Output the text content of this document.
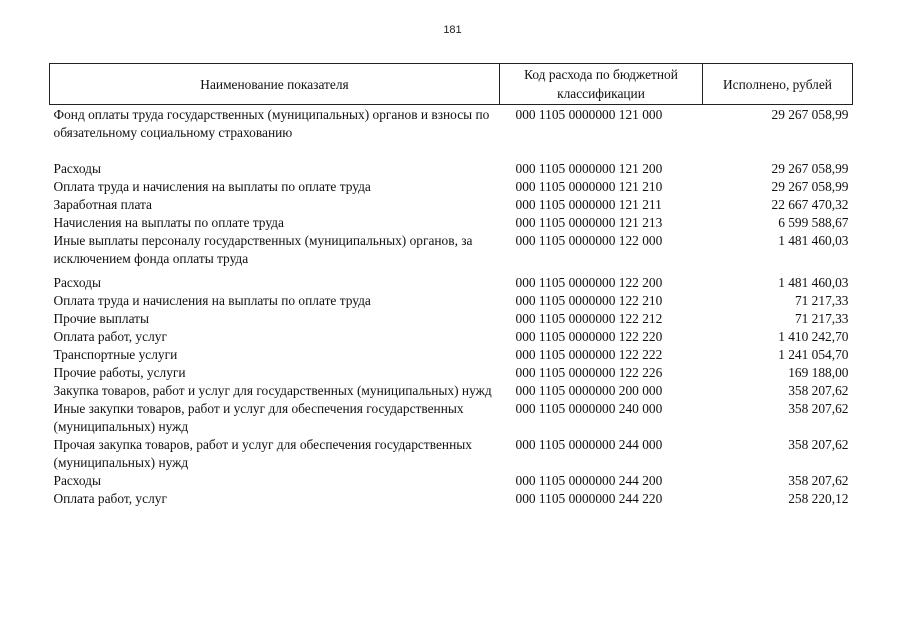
181
Наименование показателя	Код расхода по бюджетной классификации	Исполнено, рублей
Фонд оплаты труда государственных (муниципальных) органов и взносы по обязательному социальному страхованию	000 1105 0000000 121 000	29 267 058,99
Расходы	000 1105 0000000 121 200	29 267 058,99
Оплата труда и начисления на выплаты по оплате труда	000 1105 0000000 121 210	29 267 058,99
Заработная плата	000 1105 0000000 121 211	22 667 470,32
Начисления на выплаты по оплате труда	000 1105 0000000 121 213	6 599 588,67
Иные выплаты персоналу государственных (муниципальных) органов, за исключением фонда оплаты труда	000 1105 0000000 122 000	1 481 460,03
Расходы	000 1105 0000000 122 200	1 481 460,03
Оплата труда и начисления на выплаты по оплате труда	000 1105 0000000 122 210	71 217,33
Прочие выплаты	000 1105 0000000 122 212	71 217,33
Оплата работ, услуг	000 1105 0000000 122 220	1 410 242,70
Транспортные услуги	000 1105 0000000 122 222	1 241 054,70
Прочие работы, услуги	000 1105 0000000 122 226	169 188,00
Закупка товаров, работ и услуг для государственных (муниципальных) нужд	000 1105 0000000 200 000	358 207,62
Иные закупки товаров, работ и услуг для обеспечения государственных (муниципальных) нужд	000 1105 0000000 240 000	358 207,62
Прочая закупка товаров, работ и услуг для обеспечения государственных (муниципальных) нужд	000 1105 0000000 244 000	358 207,62
Расходы	000 1105 0000000 244 200	358 207,62
Оплата работ, услуг	000 1105 0000000 244 220	258 220,12
